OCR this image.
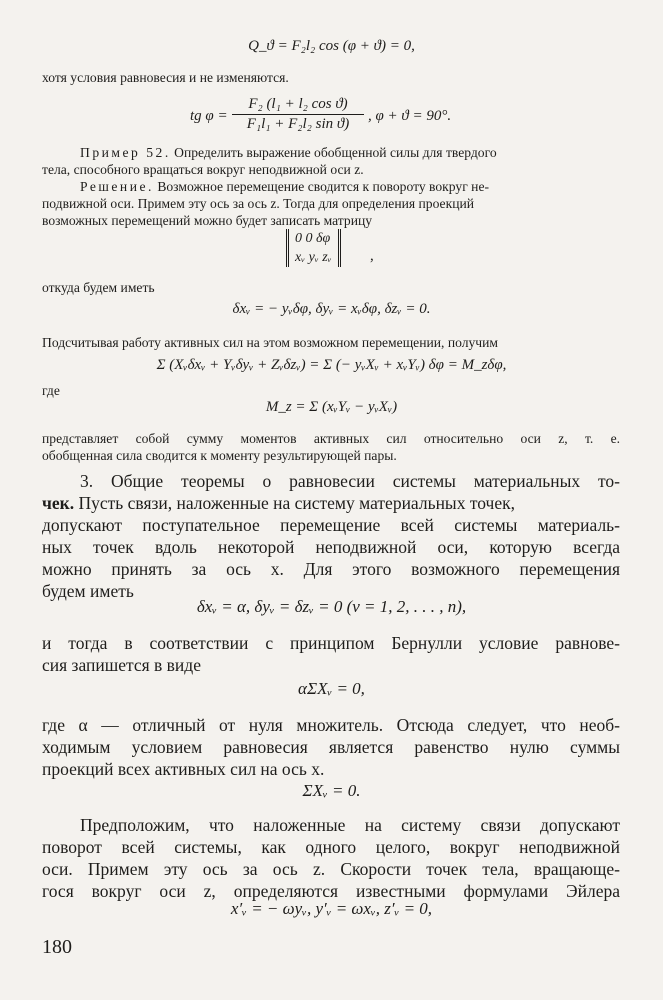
Q_ϑ = F₂l₂ cos (φ + ϑ) = 0,
хотя условия равновесия и не изменяются.
tg φ =
F₂ (l₁ + l₂ cos ϑ)
F₁l₁ + F₂l₂ sin ϑ)	, φ + ϑ = 90°.
Пример 52. Определить выражение обобщенной силы для твердого
тела, способного вращаться вокруг неподвижной оси z.
Решение. Возможное перемещение сводится к повороту вокруг не-
подвижной оси. Примем эту ось за ось z. Тогда для определения проекций
возможных перемещений можно будет записать матрицу
0 0 δφ
xᵥ yᵥ zᵥ	,
откуда будем иметь
δxᵥ = − yᵥδφ, δyᵥ = xᵥδφ, δzᵥ = 0.
Подсчитывая работу активных сил на этом возможном перемещении, получим
Σ (Xᵥδxᵥ + Yᵥδyᵥ + Zᵥδzᵥ) = Σ (− yᵥXᵥ + xᵥYᵥ) δφ = M_zδφ,
где
M_z = Σ (xᵥYᵥ − yᵥXᵥ)
представляет собой сумму моментов активных сил относительно оси z, т. е.
обобщенная сила сводится к моменту результирующей пары.
3. Общие теоремы о равновесии системы материальных то-
чек. Пусть связи, наложенные на систему материальных точек,
допускают поступательное перемещение всей системы материаль-
ных точек вдоль некоторой неподвижной оси, которую всегда
можно принять за ось x. Для этого возможного перемещения
будем иметь
δxᵥ = α, δyᵥ = δzᵥ = 0 (ν = 1, 2, . . . , n),
и тогда в соответствии с принципом Бернулли условие равнове-
сия запишется в виде
αΣXᵥ = 0,
где α — отличный от нуля множитель. Отсюда следует, что необ-
ходимым условием равновесия является равенство нулю суммы
проекций всех активных сил на ось x.
ΣXᵥ = 0.
Предположим, что наложенные на систему связи допускают
поворот всей системы, как одного целого, вокруг неподвижной
оси. Примем эту ось за ось z. Скорости точек тела, вращающе-
гося вокруг оси z, определяются известными формулами Эйлера
x′ᵥ = − ωyᵥ, y′ᵥ = ωxᵥ, z′ᵥ = 0,
180
